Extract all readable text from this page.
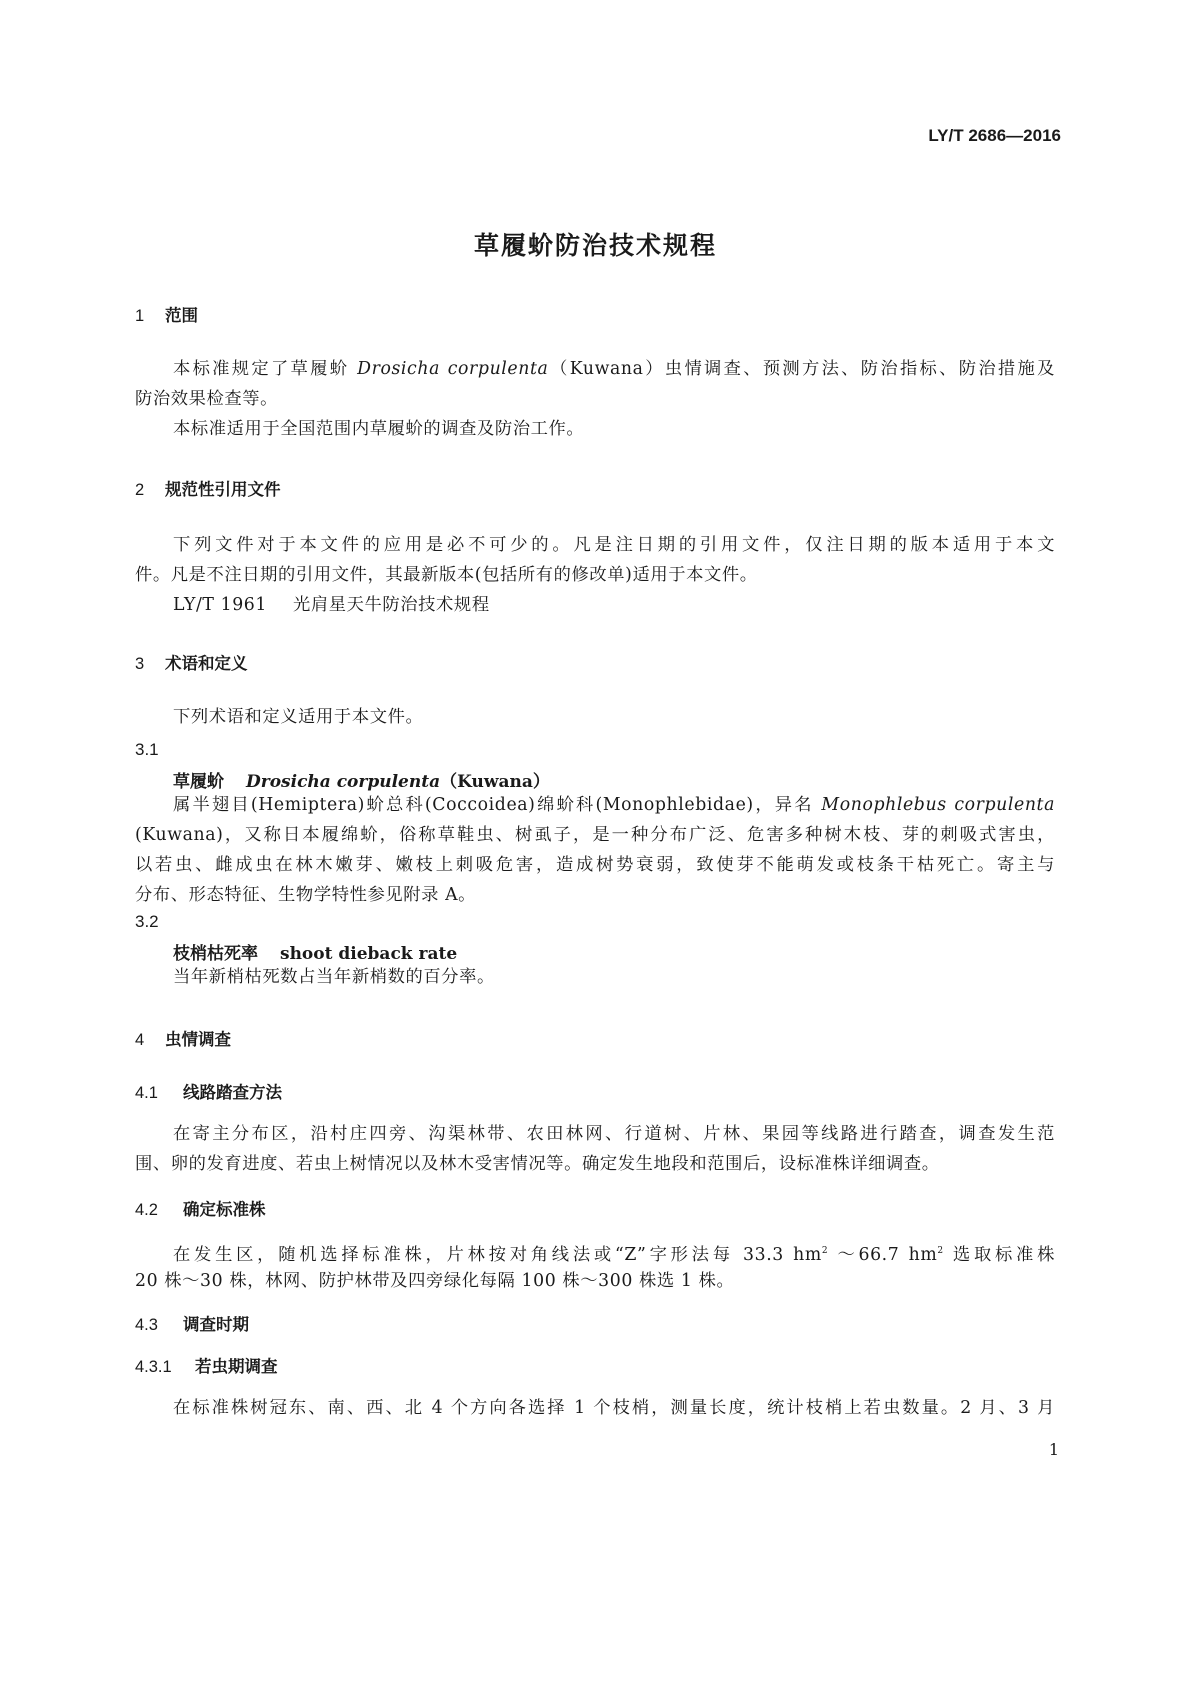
LY/T 2686—2016
草履蚧防治技术规程
1 范围
本标准规定了草履蚧 Drosicha corpulenta（Kuwana）虫情调查、预测方法、防治指标、防治措施及
防治效果检查等。
本标准适用于全国范围内草履蚧的调查及防治工作。
2 规范性引用文件
下列文件对于本文件的应用是必不可少的。凡是注日期的引用文件，仅注日期的版本适用于本文
件。凡是不注日期的引用文件，其最新版本(包括所有的修改单)适用于本文件。
LY/T 1961 光肩星天牛防治技术规程
3 术语和定义
下列术语和定义适用于本文件。
3.1
草履蚧 Drosicha corpulenta（Kuwana）
属半翅目(Hemiptera)蚧总科(Coccoidea)绵蚧科(Monophlebidae)，异名 Monophlebus corpulenta
(Kuwana)，又称日本履绵蚧，俗称草鞋虫、树虱子，是一种分布广泛、危害多种树木枝、芽的刺吸式害虫，
以若虫、雌成虫在林木嫩芽、嫩枝上刺吸危害，造成树势衰弱，致使芽不能萌发或枝条干枯死亡。寄主与
分布、形态特征、生物学特性参见附录 A。
3.2
枝梢枯死率 shoot dieback rate
当年新梢枯死数占当年新梢数的百分率。
4 虫情调查
4.1 线路踏查方法
在寄主分布区，沿村庄四旁、沟渠林带、农田林网、行道树、片林、果园等线路进行踏查，调查发生范
围、卵的发育进度、若虫上树情况以及林木受害情况等。确定发生地段和范围后，设标准株详细调查。
4.2 确定标准株
在发生区，随机选择标准株，片林按对角线法或“Z”字形法每 33.3 $hm^2$ ～66.7 $hm^2$ 选取标准株
20 株～30 株，林网、防护林带及四旁绿化每隔 100 株～300 株选 1 株。
4.3 调查时期
4.3.1 若虫期调查
在标准株树冠东、南、西、北 4 个方向各选择 1 个枝梢，测量长度，统计枝梢上若虫数量。2 月、3 月
1
